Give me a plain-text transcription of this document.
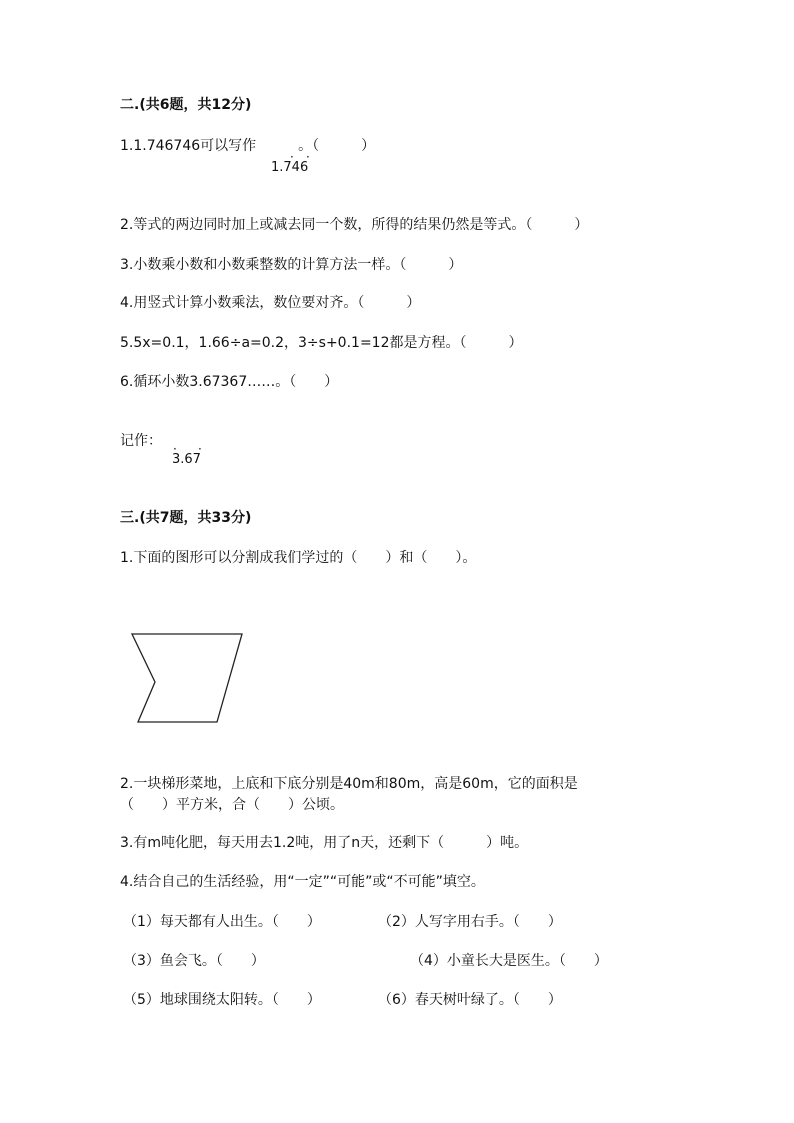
二.(共6题，共12分)
1.1.746746可以写作　　　。（　　　）
1.746
· ·
2.等式的两边同时加上或减去同一个数，所得的结果仍然是等式。（　　　）
3.小数乘小数和小数乘整数的计算方法一样。（　　　）
4.用竖式计算小数乘法，数位要对齐。（　　　）
5.5x=0.1，1.66÷a=0.2，3÷s+0.1=12都是方程。（　　　）
6.循环小数3.67367……。（　　）
记作：
3.67
· ·
三.(共7题，共33分)
1.下面的图形可以分割成我们学过的（　　）和（　　）。
2.一块梯形菜地，上底和下底分别是40m和80m，高是60m，它的面积是
（　　）平方米，合（　　）公顷。
3.有m吨化肥，每天用去1.2吨，用了n天，还剩下（　　　）吨。
4.结合自己的生活经验，用“一定”“可能”或“不可能”填空。
（1）每天都有人出生。（　　）	（2）人写字用右手。（　　）
（3）鱼会飞。（　　）	（4）小童长大是医生。（　　）
（5）地球围绕太阳转。（　　）	（6）春天树叶绿了。（　　）
